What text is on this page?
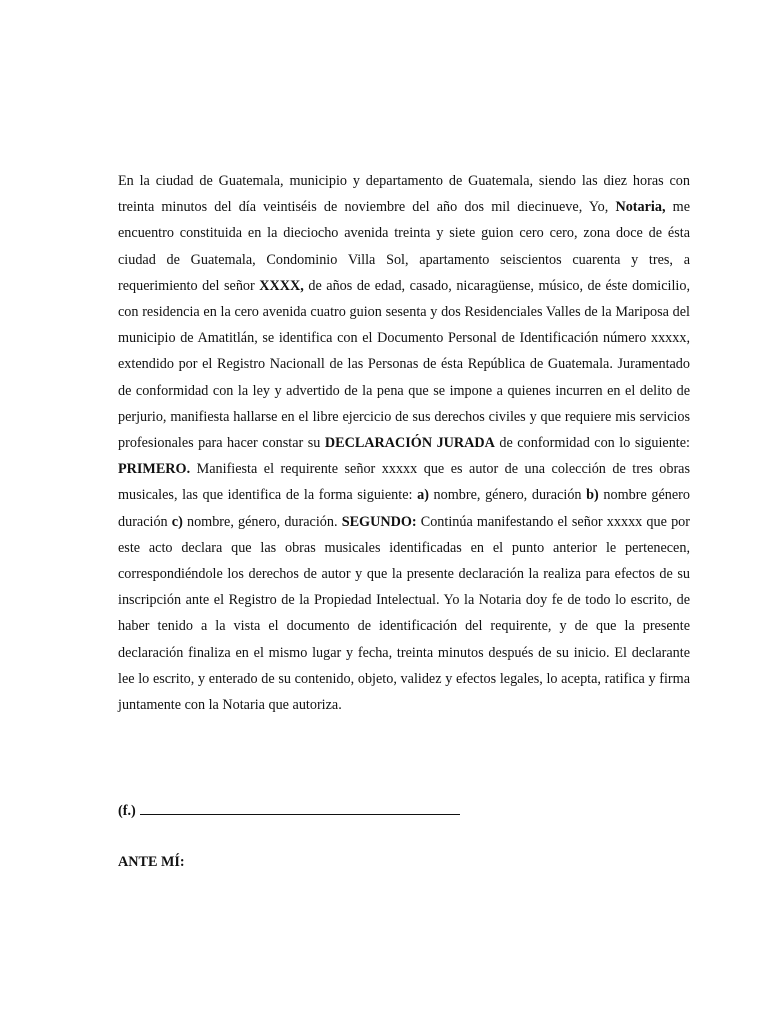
En la ciudad de Guatemala, municipio y departamento de Guatemala, siendo las diez horas con treinta minutos del día veintiséis de noviembre del año dos mil diecinueve, Yo, Notaria, me encuentro constituida en la dieciocho avenida treinta y siete guion cero cero, zona doce de ésta ciudad de Guatemala, Condominio Villa Sol, apartamento seiscientos cuarenta y tres, a requerimiento del señor XXXX, de años de edad, casado, nicaragüense, músico, de éste domicilio, con residencia en la cero avenida cuatro guion sesenta y dos Residenciales Valles de la Mariposa del municipio de Amatitlán, se identifica con el Documento Personal de Identificación número xxxxx, extendido por el Registro Nacionall de las Personas de ésta República de Guatemala. Juramentado de conformidad con la ley y advertido de la pena que se impone a quienes incurren en el delito de perjurio, manifiesta hallarse en el libre ejercicio de sus derechos civiles y que requiere mis servicios profesionales para hacer constar su DECLARACIÓN JURADA de conformidad con lo siguiente: PRIMERO. Manifiesta el requirente señor xxxxx que es autor de una colección de tres obras musicales, las que identifica de la forma siguiente: a) nombre, género, duración b) nombre género duración c) nombre, género, duración. SEGUNDO: Continúa manifestando el señor xxxxx que por este acto declara que las obras musicales identificadas en el punto anterior le pertenecen, correspondiéndole los derechos de autor y que la presente declaración la realiza para efectos de su inscripción ante el Registro de la Propiedad Intelectual. Yo la Notaria doy fe de todo lo escrito, de haber tenido a la vista el documento de identificación del requirente, y de que la presente declaración finaliza en el mismo lugar y fecha, treinta minutos después de su inicio. El declarante lee lo escrito, y enterado de su contenido, objeto, validez y efectos legales, lo acepta, ratifica y firma juntamente con la Notaria que autoriza.

(f.)
ANTE MÍ:
